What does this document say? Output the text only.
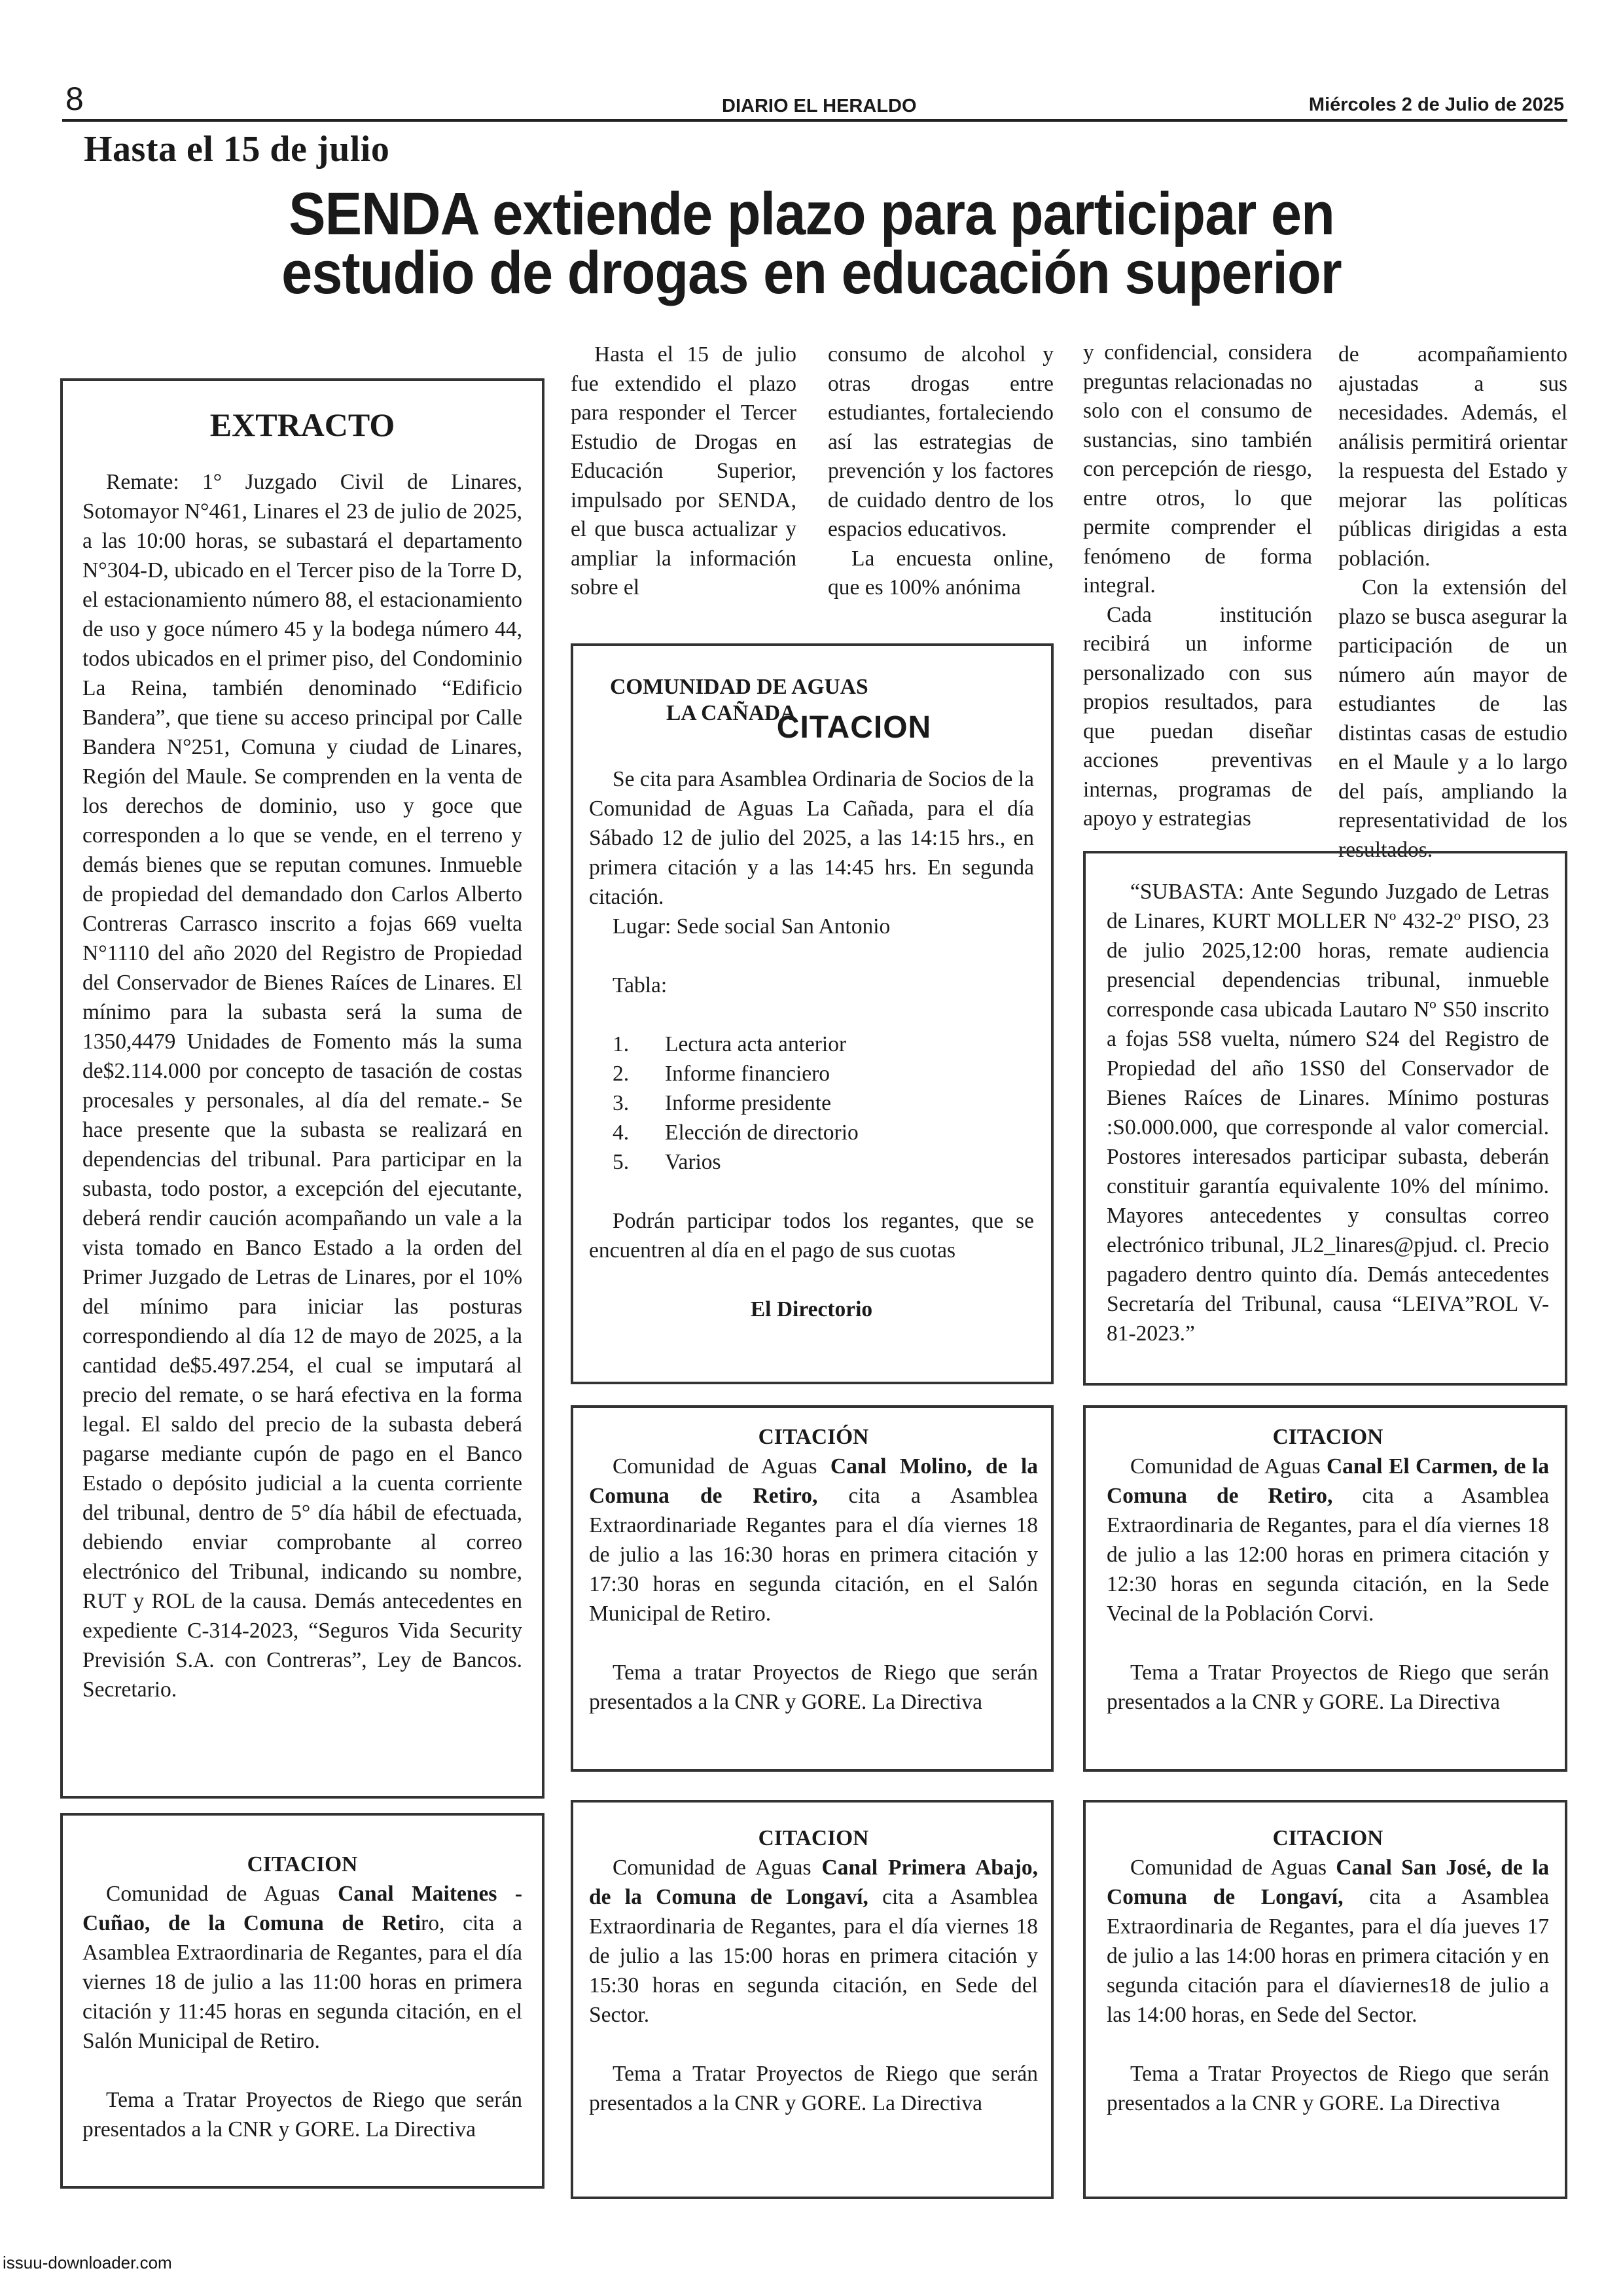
8	DIARIO EL HERALDO	Miércoles 2 de Julio de 2025
Hasta el 15 de julio
SENDA extiende plazo para participar en estudio de drogas en educación superior

Hasta el 15 de julio fue extendido el plazo para responder el Tercer Estudio de Drogas en Educación Superior, impulsado por SENDA, el que busca actualizar y ampliar la información sobre el

consumo de alcohol y otras drogas entre estudiantes, fortaleciendo así las estrategias de prevención y los factores de cuidado dentro de los espacios educativos.

La encuesta online, que es 100% anónima

y confidencial, considera preguntas relacionadas no solo con el consumo de sustancias, sino también con percepción de riesgo, entre otros, lo que permite comprender el fenómeno de forma integral.

Cada institución recibirá un informe personalizado con sus propios resultados, para que puedan diseñar acciones preventivas internas, programas de apoyo y estrategias

de acompañamiento ajustadas a sus necesidades. Además, el análisis permitirá orientar la respuesta del Estado y mejorar las políticas públicas dirigidas a esta población.

Con la extensión del plazo se busca asegurar la participación de un número aún mayor de estudiantes de las distintas casas de estudio en el Maule y a lo largo del país, ampliando la representatividad de los resultados.

EXTRACTO

Remate: 1° Juzgado Civil de Linares, Sotomayor N°461, Linares el 23 de julio de 2025, a las 10:00 horas, se subastará el departamento N°304-D, ubicado en el Tercer piso de la Torre D, el estacionamiento número 88, el estacionamiento de uso y goce número 45 y la bodega número 44, todos ubicados en el primer piso, del Condominio La Reina, también denominado “Edificio Bandera”, que tiene su acceso principal por Calle Bandera N°251, Comuna y ciudad de Linares, Región del Maule. Se comprenden en la venta de los derechos de dominio, uso y goce que corresponden a lo que se vende, en el terreno y demás bienes que se reputan comunes. Inmueble de propiedad del demandado don Carlos Alberto Contreras Carrasco inscrito a fojas 669 vuelta N°1110 del año 2020 del Registro de Propiedad del Conservador de Bienes Raíces de Linares. El mínimo para la subasta será la suma de 1350,4479 Unidades de Fomento más la suma de$2.114.000 por concepto de tasación de costas procesales y personales, al día del remate.- Se hace presente que la subasta se realizará en dependencias del tribunal. Para participar en la subasta, todo postor, a excepción del ejecutante, deberá rendir caución acompañando un vale a la vista tomado en Banco Estado a la orden del Primer Juzgado de Letras de Linares, por el 10% del mínimo para iniciar las posturas correspondiendo al día 12 de mayo de 2025, a la cantidad de$5.497.254, el cual se imputará al precio del remate, o se hará efectiva en la forma legal. El saldo del precio de la subasta deberá pagarse mediante cupón de pago en el Banco Estado o depósito judicial a la cuenta corriente del tribunal, dentro de 5° día hábil de efectuada, debiendo enviar comprobante al correo electrónico del Tribunal, indicando su nombre, RUT y ROL de la causa. Demás antecedentes en expediente C-314-2023, “Seguros Vida Security Previsión S.A. con Contreras”, Ley de Bancos. Secretario.

COMUNIDAD DE AGUAS

LA CAÑADA

CITACION

Se cita para Asamblea Ordinaria de Socios de la Comunidad de Aguas La Cañada, para el día Sábado 12 de julio del 2025, a las 14:15 hrs., en primera citación y a las 14:45 hrs. En segunda citación.

Lugar: Sede social San Antonio

Tabla:

1.	Lectura acta anterior
2.	Informe financiero
3.	Informe presidente
4.	Elección de directorio
5.	Varios

Podrán participar todos los regantes, que se encuentren al día en el pago de sus cuotas

El Directorio

“SUBASTA: Ante Segundo Juzgado de Letras de Linares, KURT MOLLER Nº 432-2º PISO, 23 de julio 2025,12:00 horas, remate audiencia presencial dependencias tribunal, inmueble corresponde casa ubicada Lautaro Nº S50 inscrito a fojas 5S8 vuelta, número S24 del Registro de Propiedad del año 1SS0 del Conservador de Bienes Raíces de Linares. Mínimo posturas :S0.000.000, que corresponde al valor comercial. Postores interesados participar subasta, deberán constituir garantía equivalente 10% del mínimo. Mayores antecedentes y consultas correo electrónico tribunal, JL2_linares@pjud. cl. Precio pagadero dentro quinto día. Demás antecedentes Secretaría del Tribunal, causa “LEIVA”ROL V-81-2023.”

CITACIÓN

Comunidad de Aguas Canal Molino, de la Comuna de Retiro, cita a Asamblea Extraordinariade Regantes para el día viernes 18 de julio a las 16:30 horas en primera citación y 17:30 horas en segunda citación, en el Salón Municipal de Retiro.

Tema a tratar Proyectos de Riego que serán presentados a la CNR y GORE. La Directiva

CITACION

Comunidad de Aguas Canal El Carmen, de la Comuna de Retiro, cita a Asamblea Extraordinaria de Regantes, para el día viernes 18 de julio a las 12:00 horas en primera citación y 12:30 horas en segunda citación, en la Sede Vecinal de la Población Corvi.

Tema a Tratar Proyectos de Riego que serán presentados a la CNR y GORE. La Directiva

CITACION

Comunidad de Aguas Canal Maitenes - Cuñao, de la Comuna de Retiro, cita a Asamblea Extraordinaria de Regantes, para el día viernes 18 de julio a las 11:00 horas en primera citación y 11:45 horas en segunda citación, en el Salón Municipal de Retiro.

Tema a Tratar Proyectos de Riego que serán presentados a la CNR y GORE. La Directiva

CITACION

Comunidad de Aguas Canal Primera Abajo, de la Comuna de Longaví, cita a Asamblea Extraordinaria de Regantes, para el día viernes 18 de julio a las 15:00 horas en primera citación y 15:30 horas en segunda citación, en Sede del Sector.

Tema a Tratar Proyectos de Riego que serán presentados a la CNR y GORE. La Directiva

CITACION

Comunidad de Aguas Canal San José, de la Comuna de Longaví, cita a Asamblea Extraordinaria de Regantes, para el día jueves 17 de julio a las 14:00 horas en primera citación y en segunda citación para el díaviernes18 de julio a las 14:00 horas, en Sede del Sector.

Tema a Tratar Proyectos de Riego que serán presentados a la CNR y GORE. La Directiva

issuu-downloader.com
